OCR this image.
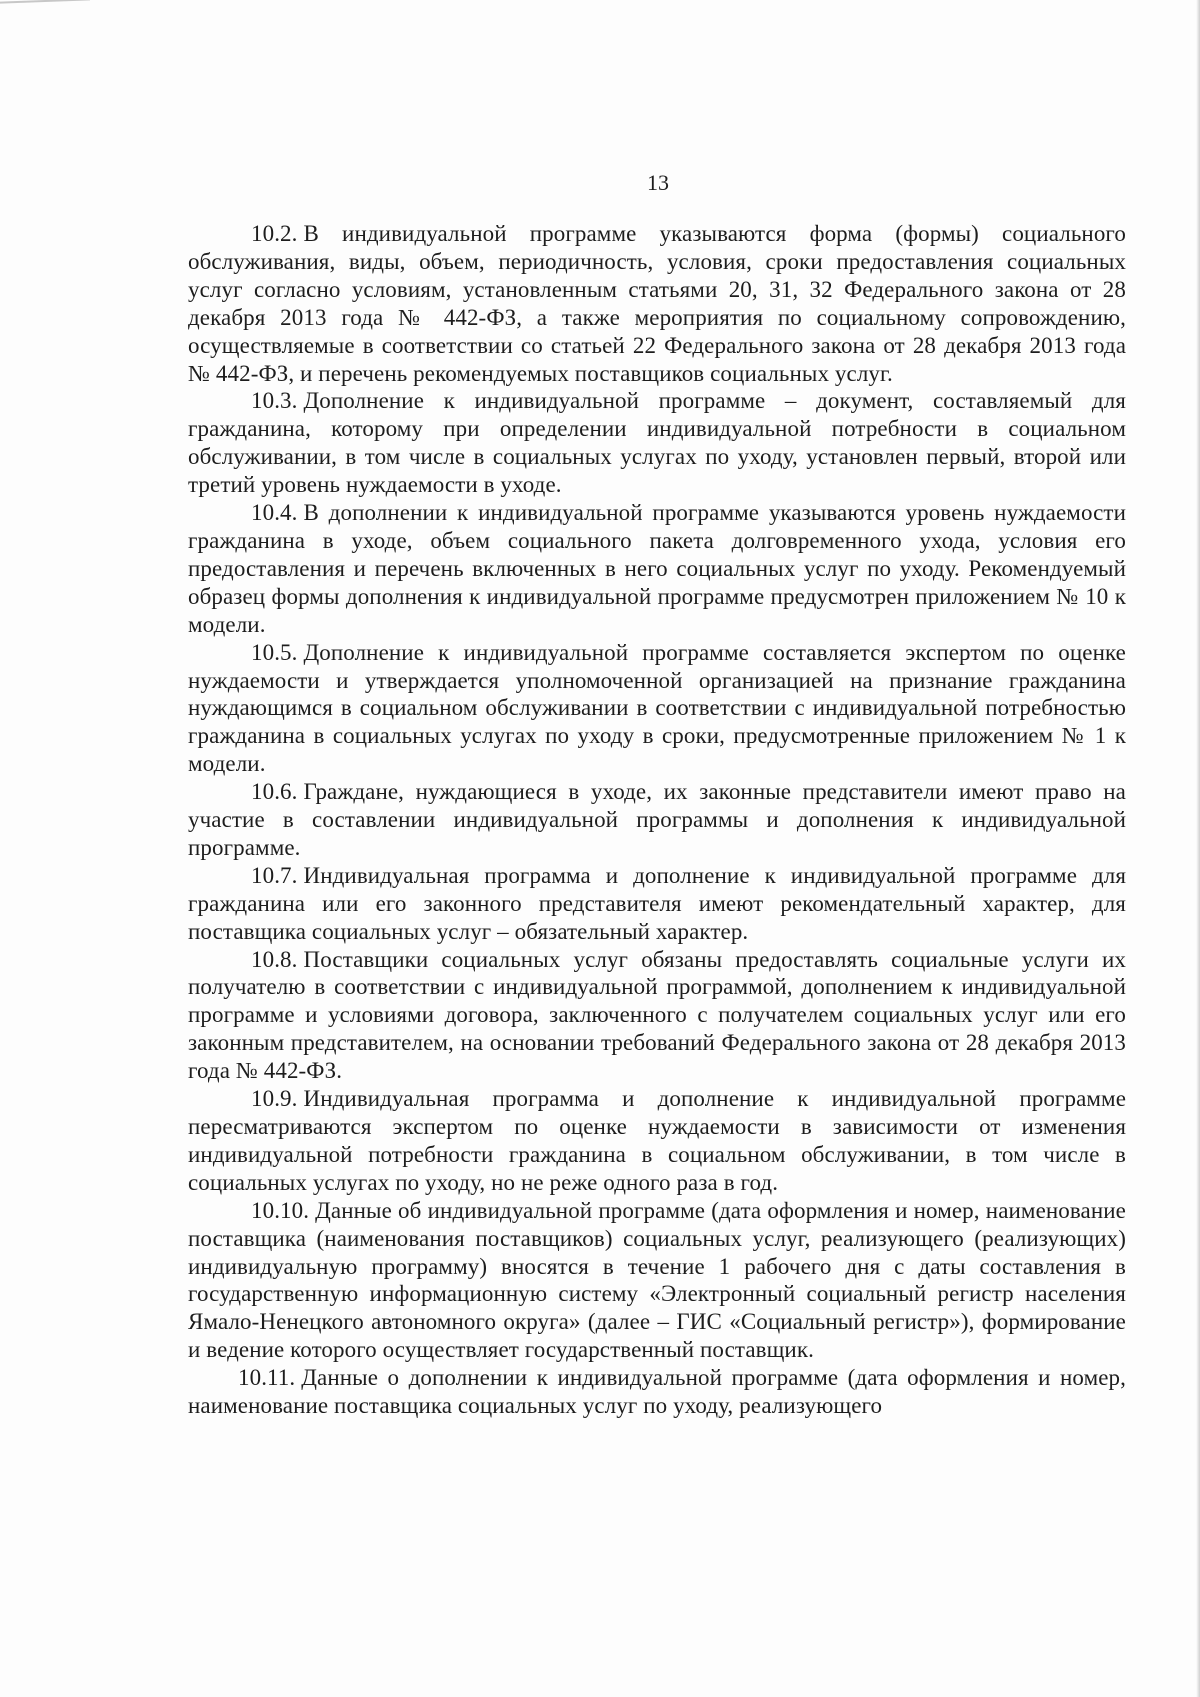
13

10.2. В индивидуальной программе указываются форма (формы) социального обслуживания, виды, объем, периодичность, условия, сроки предоставления социальных услуг согласно условиям, установленным статьями 20, 31, 32 Федерального закона от 28 декабря 2013 года № 442-ФЗ, а также мероприятия по социальному сопровождению, осуществляемые в соответствии со статьей 22 Федерального закона от 28 декабря 2013 года № 442-ФЗ, и перечень рекомендуемых поставщиков социальных услуг.

10.3. Дополнение к индивидуальной программе – документ, составляемый для гражданина, которому при определении индивидуальной потребности в социальном обслуживании, в том числе в социальных услугах по уходу, установлен первый, второй или третий уровень нуждаемости в уходе.

10.4. В дополнении к индивидуальной программе указываются уровень нуждаемости гражданина в уходе, объем социального пакета долговременного ухода, условия его предоставления и перечень включенных в него социальных услуг по уходу. Рекомендуемый образец формы дополнения к индивидуальной программе предусмотрен приложением № 10 к модели.

10.5. Дополнение к индивидуальной программе составляется экспертом по оценке нуждаемости и утверждается уполномоченной организацией на признание гражданина нуждающимся в социальном обслуживании в соответствии с индивидуальной потребностью гражданина в социальных услугах по уходу в сроки, предусмотренные приложением № 1 к модели.

10.6. Граждане, нуждающиеся в уходе, их законные представители имеют право на участие в составлении индивидуальной программы и дополнения к индивидуальной программе.

10.7. Индивидуальная программа и дополнение к индивидуальной программе для гражданина или его законного представителя имеют рекомендательный характер, для поставщика социальных услуг – обязательный характер.

10.8. Поставщики социальных услуг обязаны предоставлять социальные услуги их получателю в соответствии с индивидуальной программой, дополнением к индивидуальной программе и условиями договора, заключенного с получателем социальных услуг или его законным представителем, на основании требований Федерального закона от 28 декабря 2013 года № 442-ФЗ.

10.9. Индивидуальная программа и дополнение к индивидуальной программе пересматриваются экспертом по оценке нуждаемости в зависимости от изменения индивидуальной потребности гражданина в социальном обслуживании, в том числе в социальных услугах по уходу, но не реже одного раза в год.

10.10. Данные об индивидуальной программе (дата оформления и номер, наименование поставщика (наименования поставщиков) социальных услуг, реализующего (реализующих) индивидуальную программу) вносятся в течение 1 рабочего дня с даты составления в государственную информационную систему «Электронный социальный регистр населения Ямало-Ненецкого автономного округа» (далее – ГИС «Социальный регистр»), формирование и ведение которого осуществляет государственный поставщик.

10.11. Данные о дополнении к индивидуальной программе (дата оформления и номер, наименование поставщика социальных услуг по уходу, реализующего
